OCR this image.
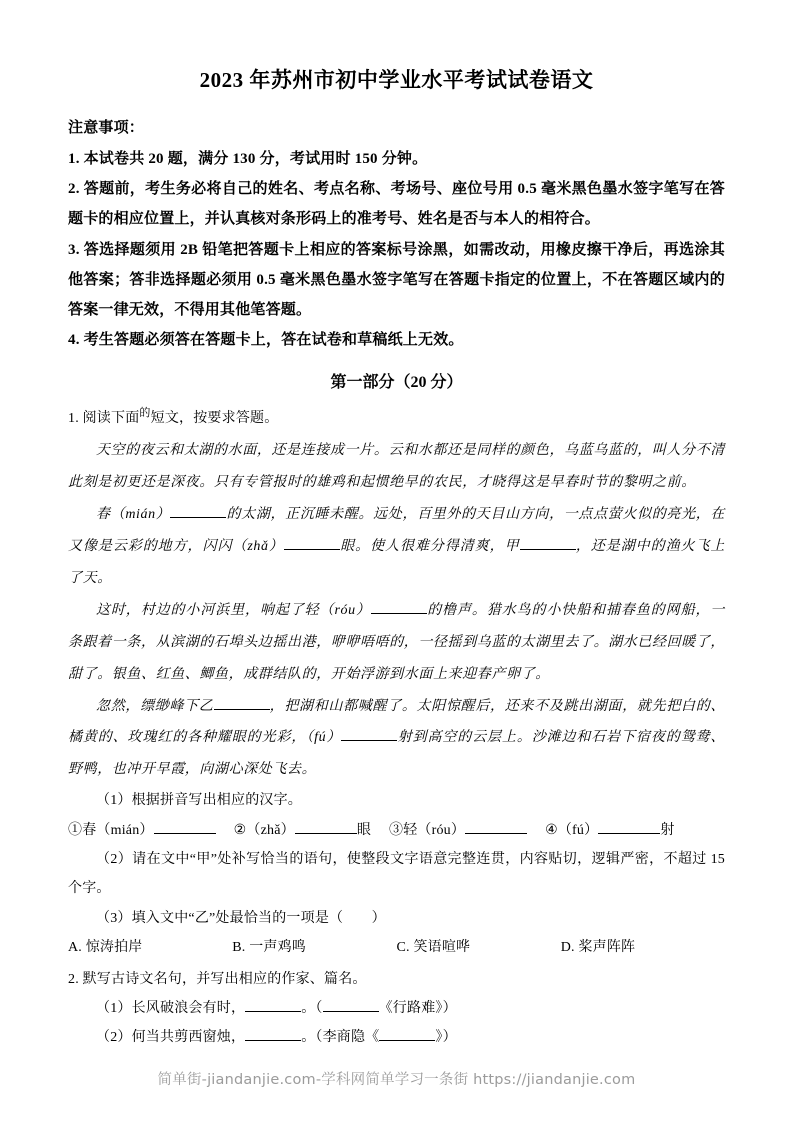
2023 年苏州市初中学业水平考试试卷语文
注意事项：
1. 本试卷共 20 题，满分 130 分，考试用时 150 分钟。
2. 答题前，考生务必将自己的姓名、考点名称、考场号、座位号用 0.5 毫米黑色墨水签字笔写在答题卡的相应位置上，并认真核对条形码上的准考号、姓名是否与本人的相符合。
3. 答选择题须用 2B 铅笔把答题卡上相应的答案标号涂黑，如需改动，用橡皮擦干净后，再选涂其他答案；答非选择题必须用 0.5 毫米黑色墨水签字笔写在答题卡指定的位置上，不在答题区域内的答案一律无效，不得用其他笔答题。
4. 考生答题必须答在答题卡上，答在试卷和草稿纸上无效。
第一部分（20 分）
1. 阅读下面$^的$短文，按要求答题。

天空的夜云和太湖的水面，还是连接成一片。云和水都还是同样的颜色，乌蓝乌蓝的，叫人分不清此刻是初更还是深夜。只有专管报时的雄鸡和起惯绝早的农民，才晓得这是早春时节的黎明之前。

春（mián）	的太湖，正沉睡未醒。远处，百里外的天目山方向，一点点萤火似的亮光，在又像是云彩的地方，闪闪（zhǎ）	眼。使人很难分得清爽，甲	，还是湖中的渔火飞上了天。

这时，村边的小河浜里，响起了轻（róu）	的橹声。猎水鸟的小快船和捕春鱼的网船，一条跟着一条，从滨湖的石埠头边摇出港，咿咿唔唔的，一径摇到乌蓝的太湖里去了。湖水已经回暖了，甜了。银鱼、红鱼、鲫鱼，成群结队的，开始浮游到水面上来迎春产卵了。

忽然，缥缈峰下乙	，把湖和山都喊醒了。太阳惊醒后，还来不及跳出湖面，就先把白的、橘黄的、玫瑰红的各种耀眼的光彩，（fú）	射到高空的云层上。沙滩边和石岩下宿夜的鸳鸯、野鸭，也冲开早霞，向湖心深处飞去。

（1）根据拼音写出相应的汉字。
①春（mián）	②（zhǎ）	眼 ③轻（róu）	④（fú）	射
（2）请在文中“甲”处补写恰当的语句，使整段文字语意完整连贯，内容贴切，逻辑严密，不超过 15 个字。
（3）填入文中“乙”处最恰当的一项是（　　）
A. 惊涛拍岸	B. 一声鸡鸣	C. 笑语喧哗	D. 桨声阵阵
2. 默写古诗文名句，并写出相应的作家、篇名。
（1）长风破浪会有时，	。（	《行路难》）
（2）何当共剪西窗烛，	。（李商隐《	》）
简单街-jiandanjie.com-学科网简单学习一条街 https://jiandanjie.com
